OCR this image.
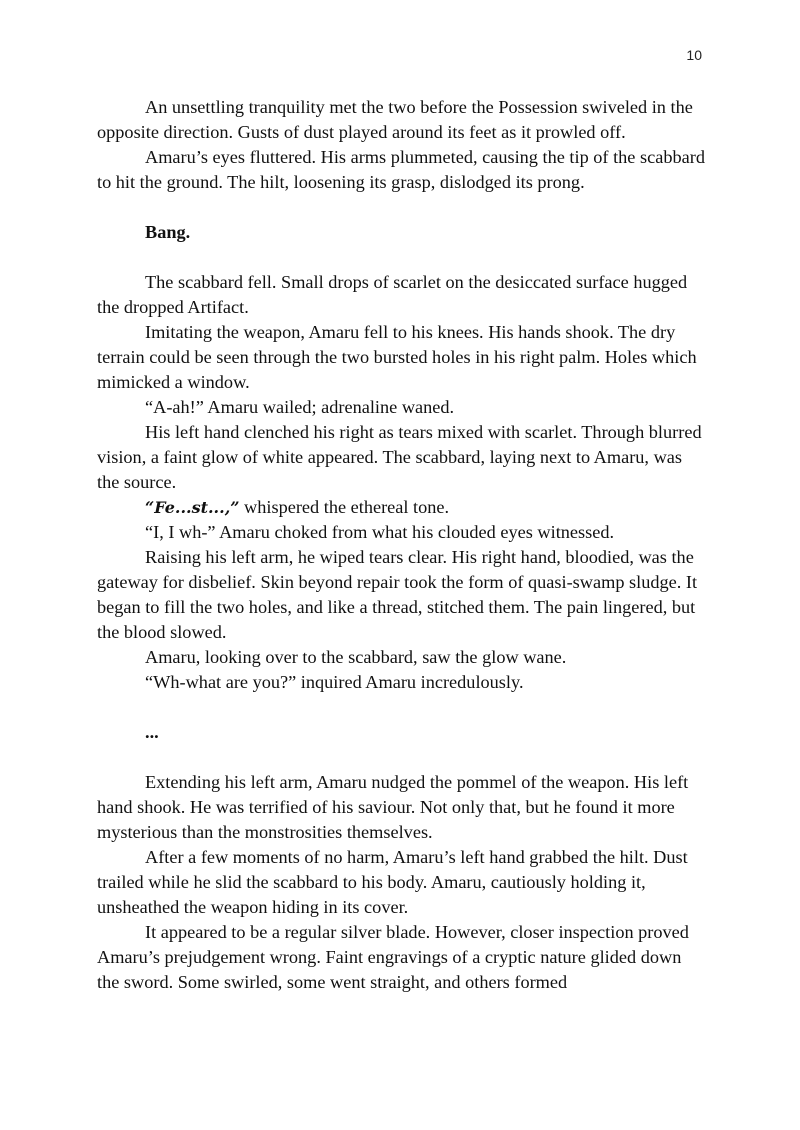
10

An unsettling tranquility met the two before the Possession swiveled in the opposite direction. Gusts of dust played around its feet as it prowled off.

Amaru’s eyes fluttered. His arms plummeted, causing the tip of the scabbard to hit the ground. The hilt, loosening its grasp, dislodged its prong.

Bang.

The scabbard fell. Small drops of scarlet on the desiccated surface hugged the dropped Artifact.

Imitating the weapon, Amaru fell to his knees. His hands shook. The dry terrain could be seen through the two bursted holes in his right palm. Holes which mimicked a window.

“A-ah!” Amaru wailed; adrenaline waned.

His left hand clenched his right as tears mixed with scarlet. Through blurred vision, a faint glow of white appeared. The scabbard, laying next to Amaru, was the source.

“Fe...st...,” whispered the ethereal tone.

“I, I wh-” Amaru choked from what his clouded eyes witnessed.

Raising his left arm, he wiped tears clear. His right hand, bloodied, was the gateway for disbelief. Skin beyond repair took the form of quasi-swamp sludge. It began to fill the two holes, and like a thread, stitched them. The pain lingered, but the blood slowed.

Amaru, looking over to the scabbard, saw the glow wane.

“Wh-what are you?” inquired Amaru incredulously.

...

Extending his left arm, Amaru nudged the pommel of the weapon. His left hand shook. He was terrified of his saviour. Not only that, but he found it more mysterious than the monstrosities themselves.

After a few moments of no harm, Amaru’s left hand grabbed the hilt. Dust trailed while he slid the scabbard to his body. Amaru, cautiously holding it, unsheathed the weapon hiding in its cover.

It appeared to be a regular silver blade. However, closer inspection proved Amaru’s prejudgement wrong. Faint engravings of a cryptic nature glided down the sword. Some swirled, some went straight, and others formed
